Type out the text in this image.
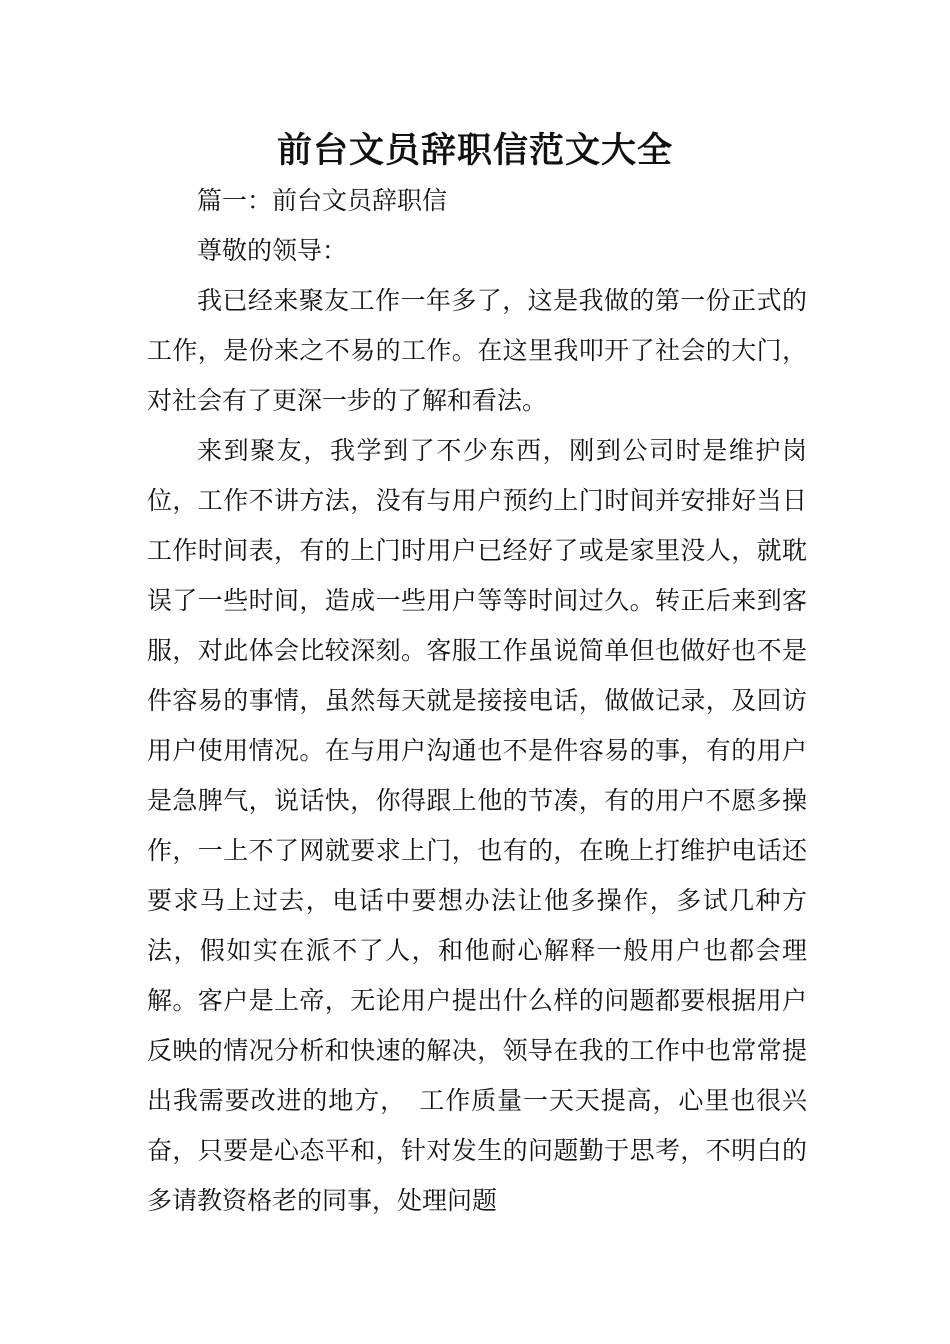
前台文员辞职信范文大全

篇一：前台文员辞职信

尊敬的领导：

我已经来聚友工作一年多了，这是我做的第一份正式的工作，是份来之不易的工作。在这里我叩开了社会的大门，对社会有了更深一步的了解和看法。

来到聚友，我学到了不少东西，刚到公司时是维护岗位，工作不讲方法，没有与用户预约上门时间并安排好当日工作时间表，有的上门时用户已经好了或是家里没人，就耽误了一些时间，造成一些用户等等时间过久。转正后来到客服，对此体会比较深刻。客服工作虽说简单但也做好也不是件容易的事情，虽然每天就是接接电话，做做记录，及回访用户使用情况。在与用户沟通也不是件容易的事，有的用户是急脾气，说话快，你得跟上他的节凑，有的用户不愿多操作，一上不了网就要求上门，也有的，在晚上打维护电话还要求马上过去，电话中要想办法让他多操作，多试几种方法，假如实在派不了人，和他耐心解释一般用户也都会理解。客户是上帝，无论用户提出什么样的问题都要根据用户反映的情况分析和快速的解决，领导在我的工作中也常常提出我需要改进的地方，　工作质量一天天提高，心里也很兴奋，只要是心态平和，针对发生的问题勤于思考，不明白的多请教资格老的同事，处理问题
